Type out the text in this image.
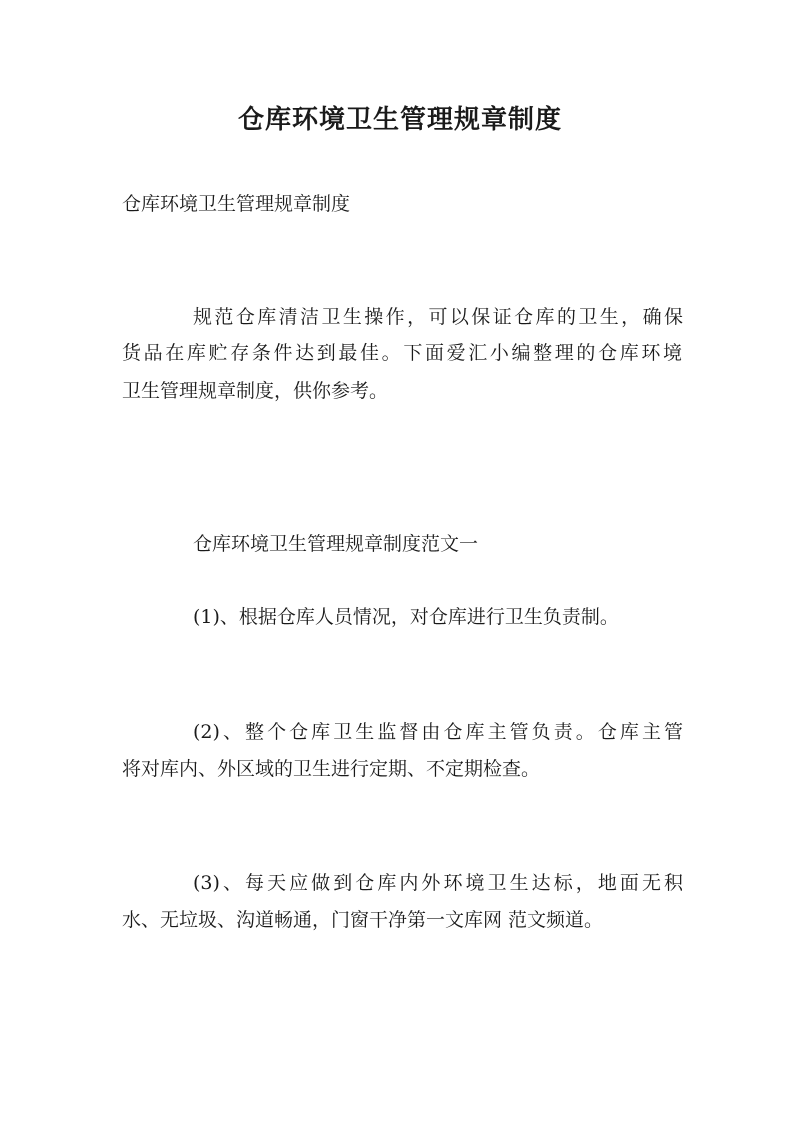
仓库环境卫生管理规章制度

仓库环境卫生管理规章制度

规范仓库清洁卫生操作，可以保证仓库的卫生，确保

货品在库贮存条件达到最佳。下面爱汇小编整理的仓库环境

卫生管理规章制度，供你参考。

仓库环境卫生管理规章制度范文一

(1)、根据仓库人员情况，对仓库进行卫生负责制。

(2)、整个仓库卫生监督由仓库主管负责。仓库主管

将对库内、外区域的卫生进行定期、不定期检查。

(3)、每天应做到仓库内外环境卫生达标，地面无积

水、无垃圾、沟道畅通，门窗干净第一文库网 范文频道。
